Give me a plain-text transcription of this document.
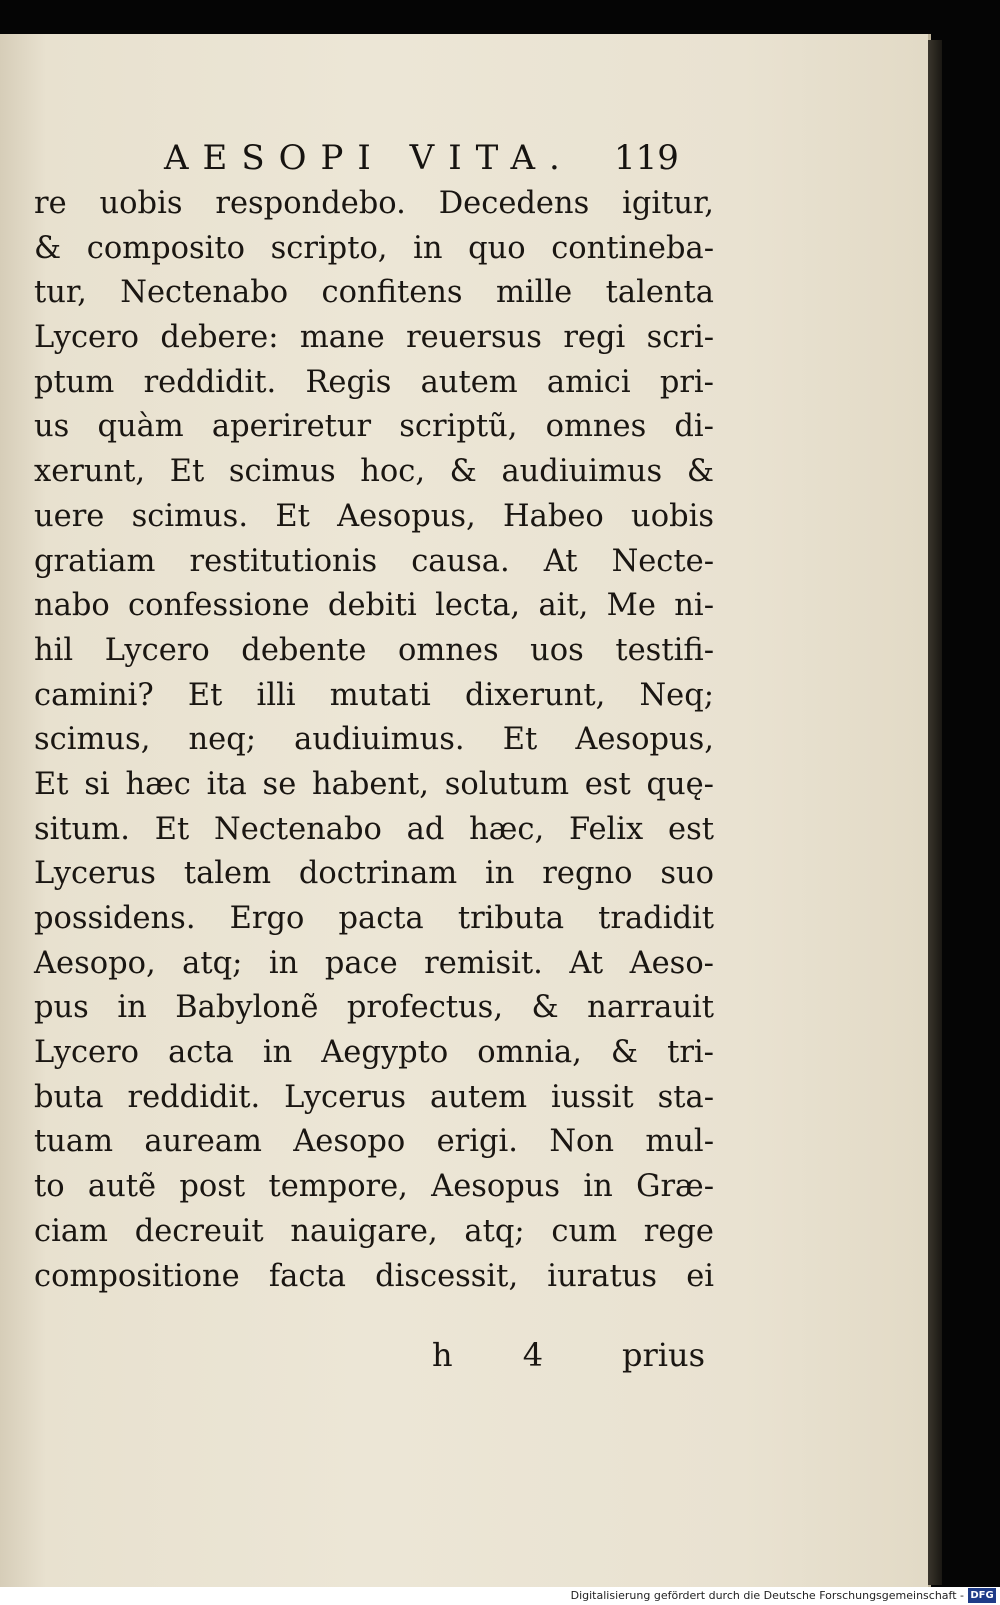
AESOPI VITA. 119
re uobis respondebo. Decedens igitur,
& composito scripto, in quo contineba-
tur, Nectenabo confitens mille talenta
Lycero debere: mane reuersus regi scri-
ptum reddidit. Regis autem amici pri-
us quàm aperiretur scriptũ, omnes di-
xerunt, Et scimus hoc, & audiuimus &
uere scimus. Et Aesopus, Habeo uobis
gratiam restitutionis causa. At Necte-
nabo confessione debiti lecta, ait, Me ni-
hil Lycero debente omnes uos testifi-
camini? Et illi mutati dixerunt, Neq;
scimus, neq; audiuimus. Et Aesopus,
Et si hæc ita se habent, solutum est quę-
situm. Et Nectenabo ad hæc, Felix est
Lycerus talem doctrinam in regno suo
possidens. Ergo pacta tributa tradidit
Aesopo, atq; in pace remisit. At Aeso-
pus in Babylonẽ profectus, & narrauit
Lycero acta in Aegypto omnia, & tri-
buta reddidit. Lycerus autem iussit sta-
tuam auream Aesopo erigi. Non mul-
to autẽ post tempore, Aesopus in Græ-
ciam decreuit nauigare, atq; cum rege
compositione facta discessit, iuratus ei
h 4 prius
Digitalisierung gefördert durch die Deutsche Forschungsgemeinschaft - DFG
